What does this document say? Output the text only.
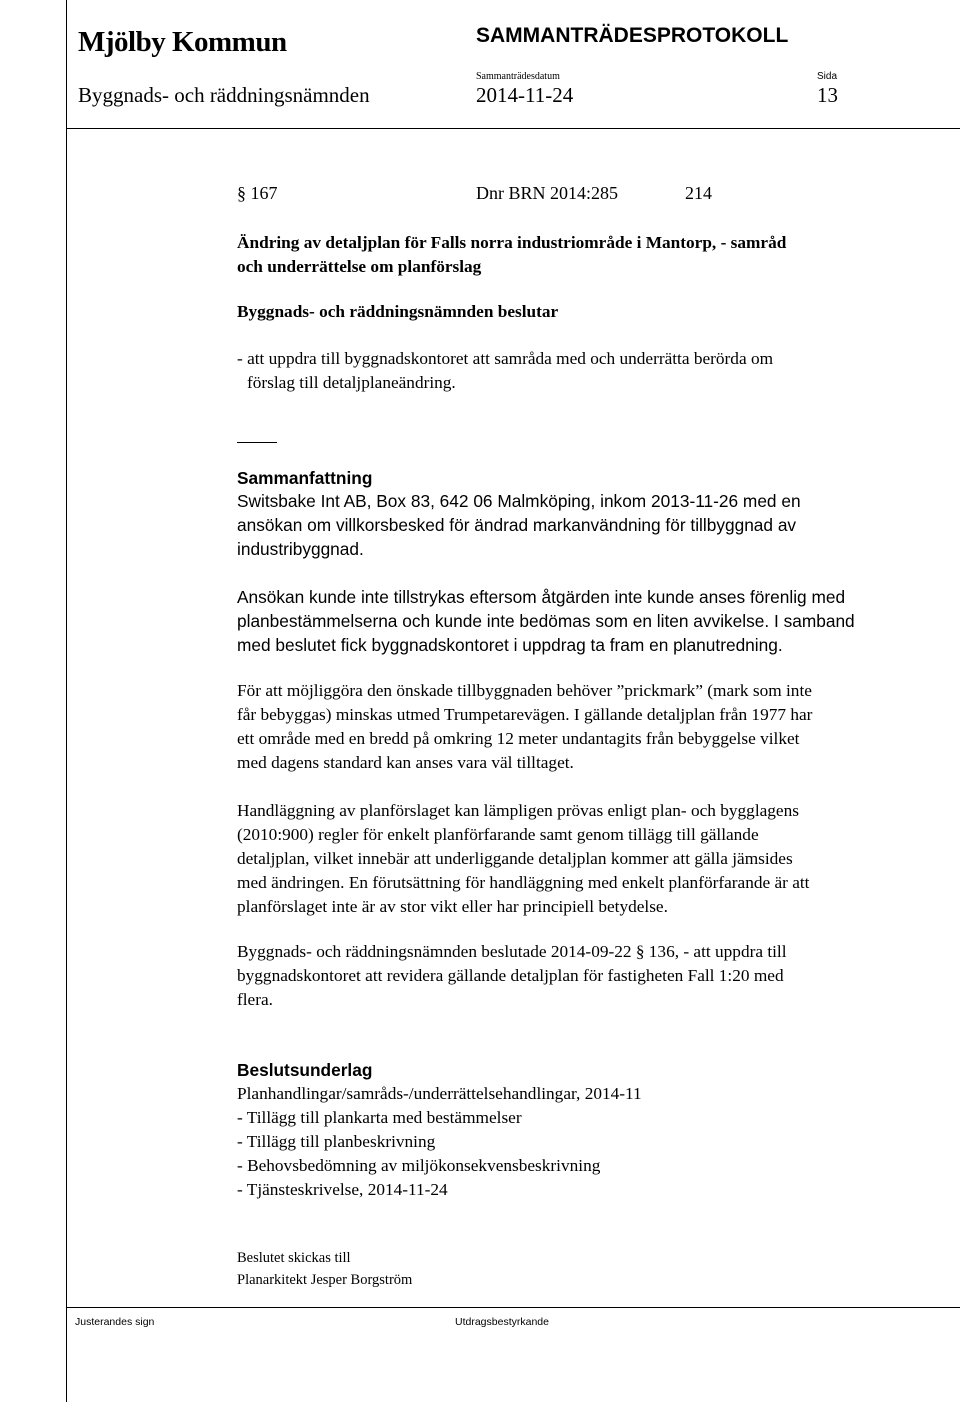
Mjölby Kommun	SAMMANTRÄDESPROTOKOLL
Sammanträdesdatum	Sida
Byggnads- och räddningsnämnden	2014-11-24	13
§ 167	Dnr BRN 2014:285	214

Ändring av detaljplan för Falls norra industriområde i Mantorp, - samråd

och underrättelse om planförslag

Byggnads- och räddningsnämnden beslutar

- att uppdra till byggnadskontoret att samråda med och underrätta berörda om

förslag till detaljplaneändring.

Sammanfattning

Switsbake Int AB, Box 83, 642 06 Malmköping, inkom 2013-11-26 med en

ansökan om villkorsbesked för ändrad markanvändning för tillbyggnad av

industribyggnad.

Ansökan kunde inte tillstrykas eftersom åtgärden inte kunde anses förenlig med

planbestämmelserna och kunde inte bedömas som en liten avvikelse. I samband

med beslutet fick byggnadskontoret i uppdrag ta fram en planutredning.

För att möjliggöra den önskade tillbyggnaden behöver ”prickmark” (mark som inte

får bebyggas) minskas utmed Trumpetarevägen. I gällande detaljplan från 1977 har

ett område med en bredd på omkring 12 meter undantagits från bebyggelse vilket

med dagens standard kan anses vara väl tilltaget.

Handläggning av planförslaget kan lämpligen prövas enligt plan- och bygglagens

(2010:900) regler för enkelt planförfarande samt genom tillägg till gällande

detaljplan, vilket innebär att underliggande detaljplan kommer att gälla jämsides

med ändringen. En förutsättning för handläggning med enkelt planförfarande är att

planförslaget inte är av stor vikt eller har principiell betydelse.

Byggnads- och räddningsnämnden beslutade 2014-09-22 § 136, - att uppdra till

byggnadskontoret att revidera gällande detaljplan för fastigheten Fall 1:20 med

flera.

Beslutsunderlag

Planhandlingar/samråds-/underrättelsehandlingar, 2014-11

- Tillägg till plankarta med bestämmelser

- Tillägg till planbeskrivning

- Behovsbedömning av miljökonsekvensbeskrivning

- Tjänsteskrivelse, 2014-11-24

Beslutet skickas till
Planarkitekt Jesper Borgström
Justerandes sign	Utdragsbestyrkande
